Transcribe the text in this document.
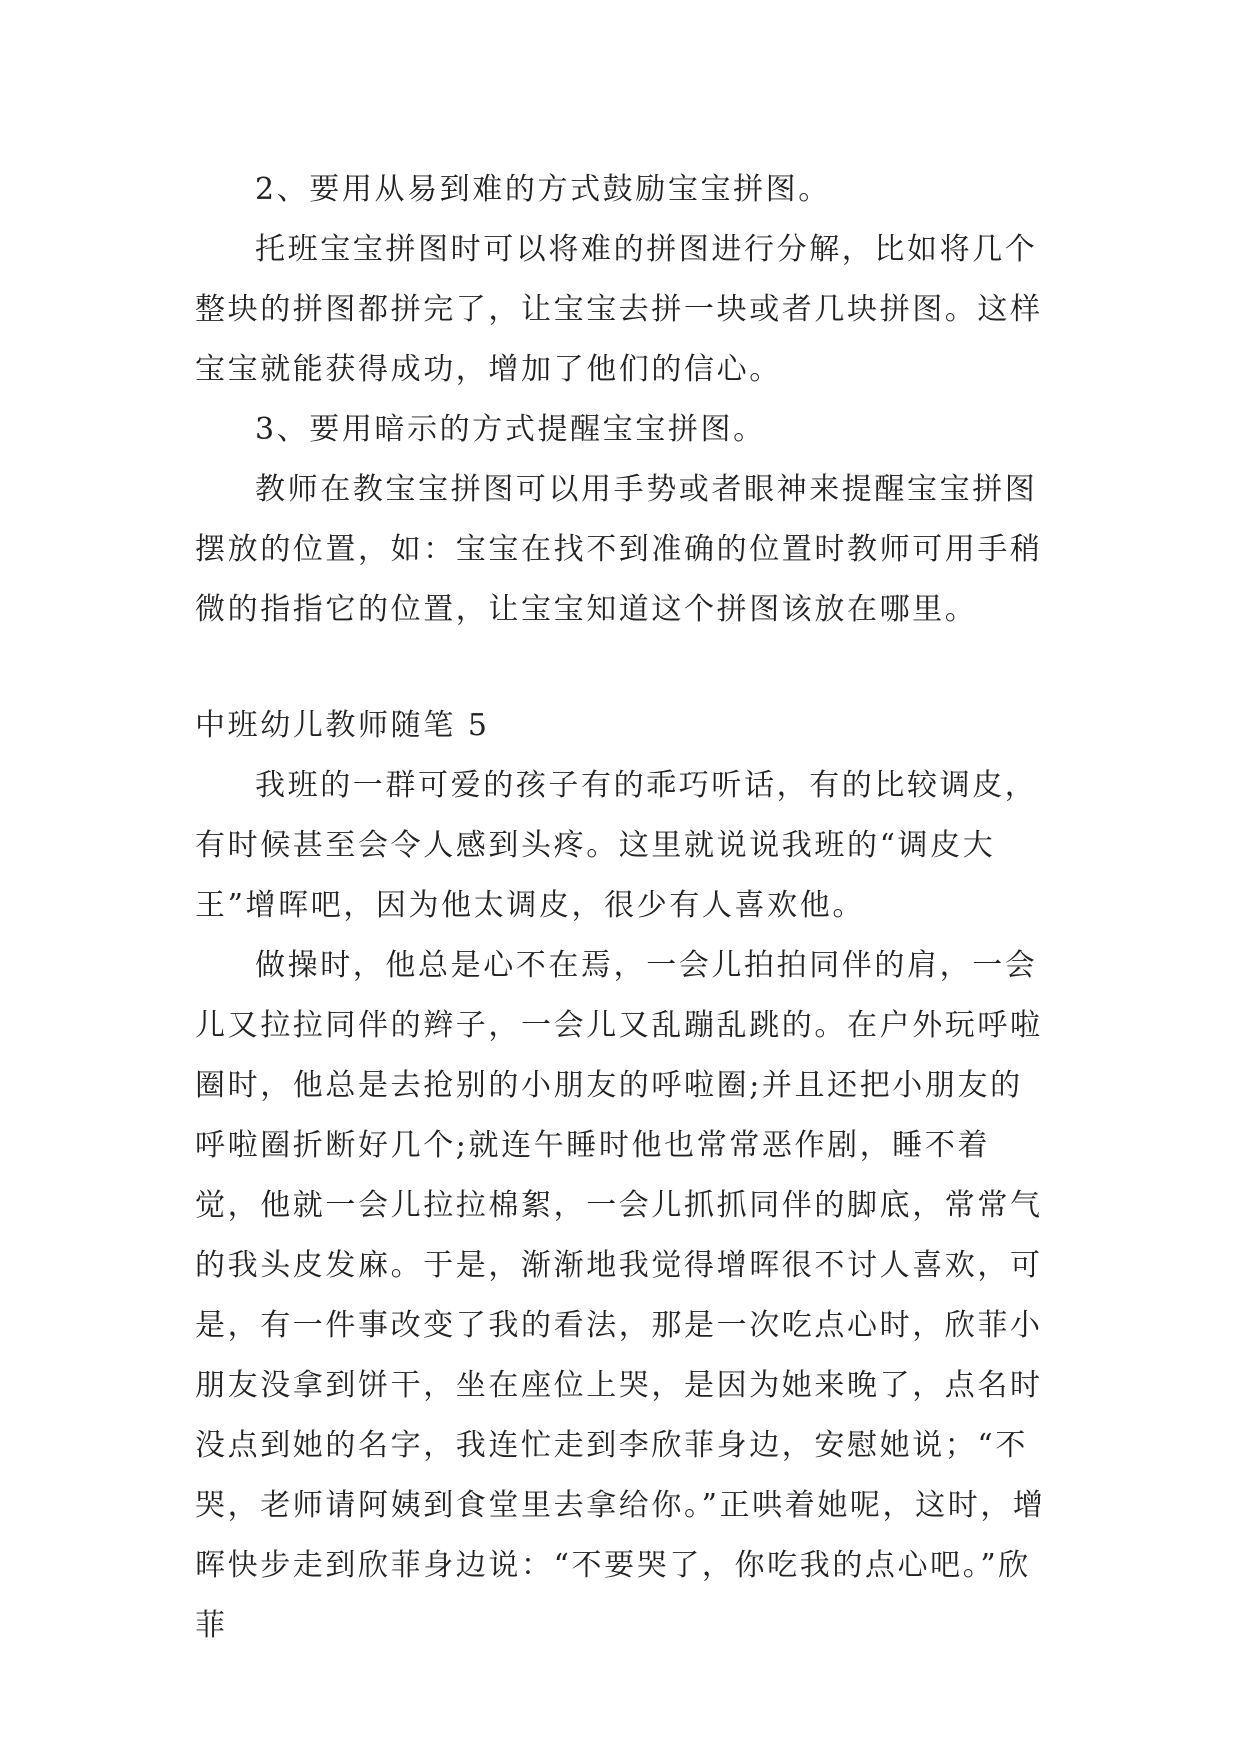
2、要用从易到难的方式鼓励宝宝拼图。

托班宝宝拼图时可以将难的拼图进行分解，比如将几个整块的拼图都拼完了，让宝宝去拼一块或者几块拼图。这样宝宝就能获得成功，增加了他们的信心。

3、要用暗示的方式提醒宝宝拼图。

教师在教宝宝拼图可以用手势或者眼神来提醒宝宝拼图摆放的位置，如：宝宝在找不到准确的位置时教师可用手稍微的指指它的位置，让宝宝知道这个拼图该放在哪里。

中班幼儿教师随笔 5

我班的一群可爱的孩子有的乖巧听话，有的比较调皮，有时候甚至会令人感到头疼。这里就说说我班的“调皮大王”增晖吧，因为他太调皮，很少有人喜欢他。

做操时，他总是心不在焉，一会儿拍拍同伴的肩，一会儿又拉拉同伴的辫子，一会儿又乱蹦乱跳的。在户外玩呼啦圈时，他总是去抢别的小朋友的呼啦圈;并且还把小朋友的呼啦圈折断好几个;就连午睡时他也常常恶作剧，睡不着觉，他就一会儿拉拉棉絮，一会儿抓抓同伴的脚底，常常气的我头皮发麻。于是，渐渐地我觉得增晖很不讨人喜欢，可是，有一件事改变了我的看法，那是一次吃点心时，欣菲小朋友没拿到饼干，坐在座位上哭，是因为她来晚了，点名时没点到她的名字，我连忙走到李欣菲身边，安慰她说；“不哭，老师请阿姨到食堂里去拿给你。”正哄着她呢，这时，增晖快步走到欣菲身边说：“不要哭了，你吃我的点心吧。”欣菲
